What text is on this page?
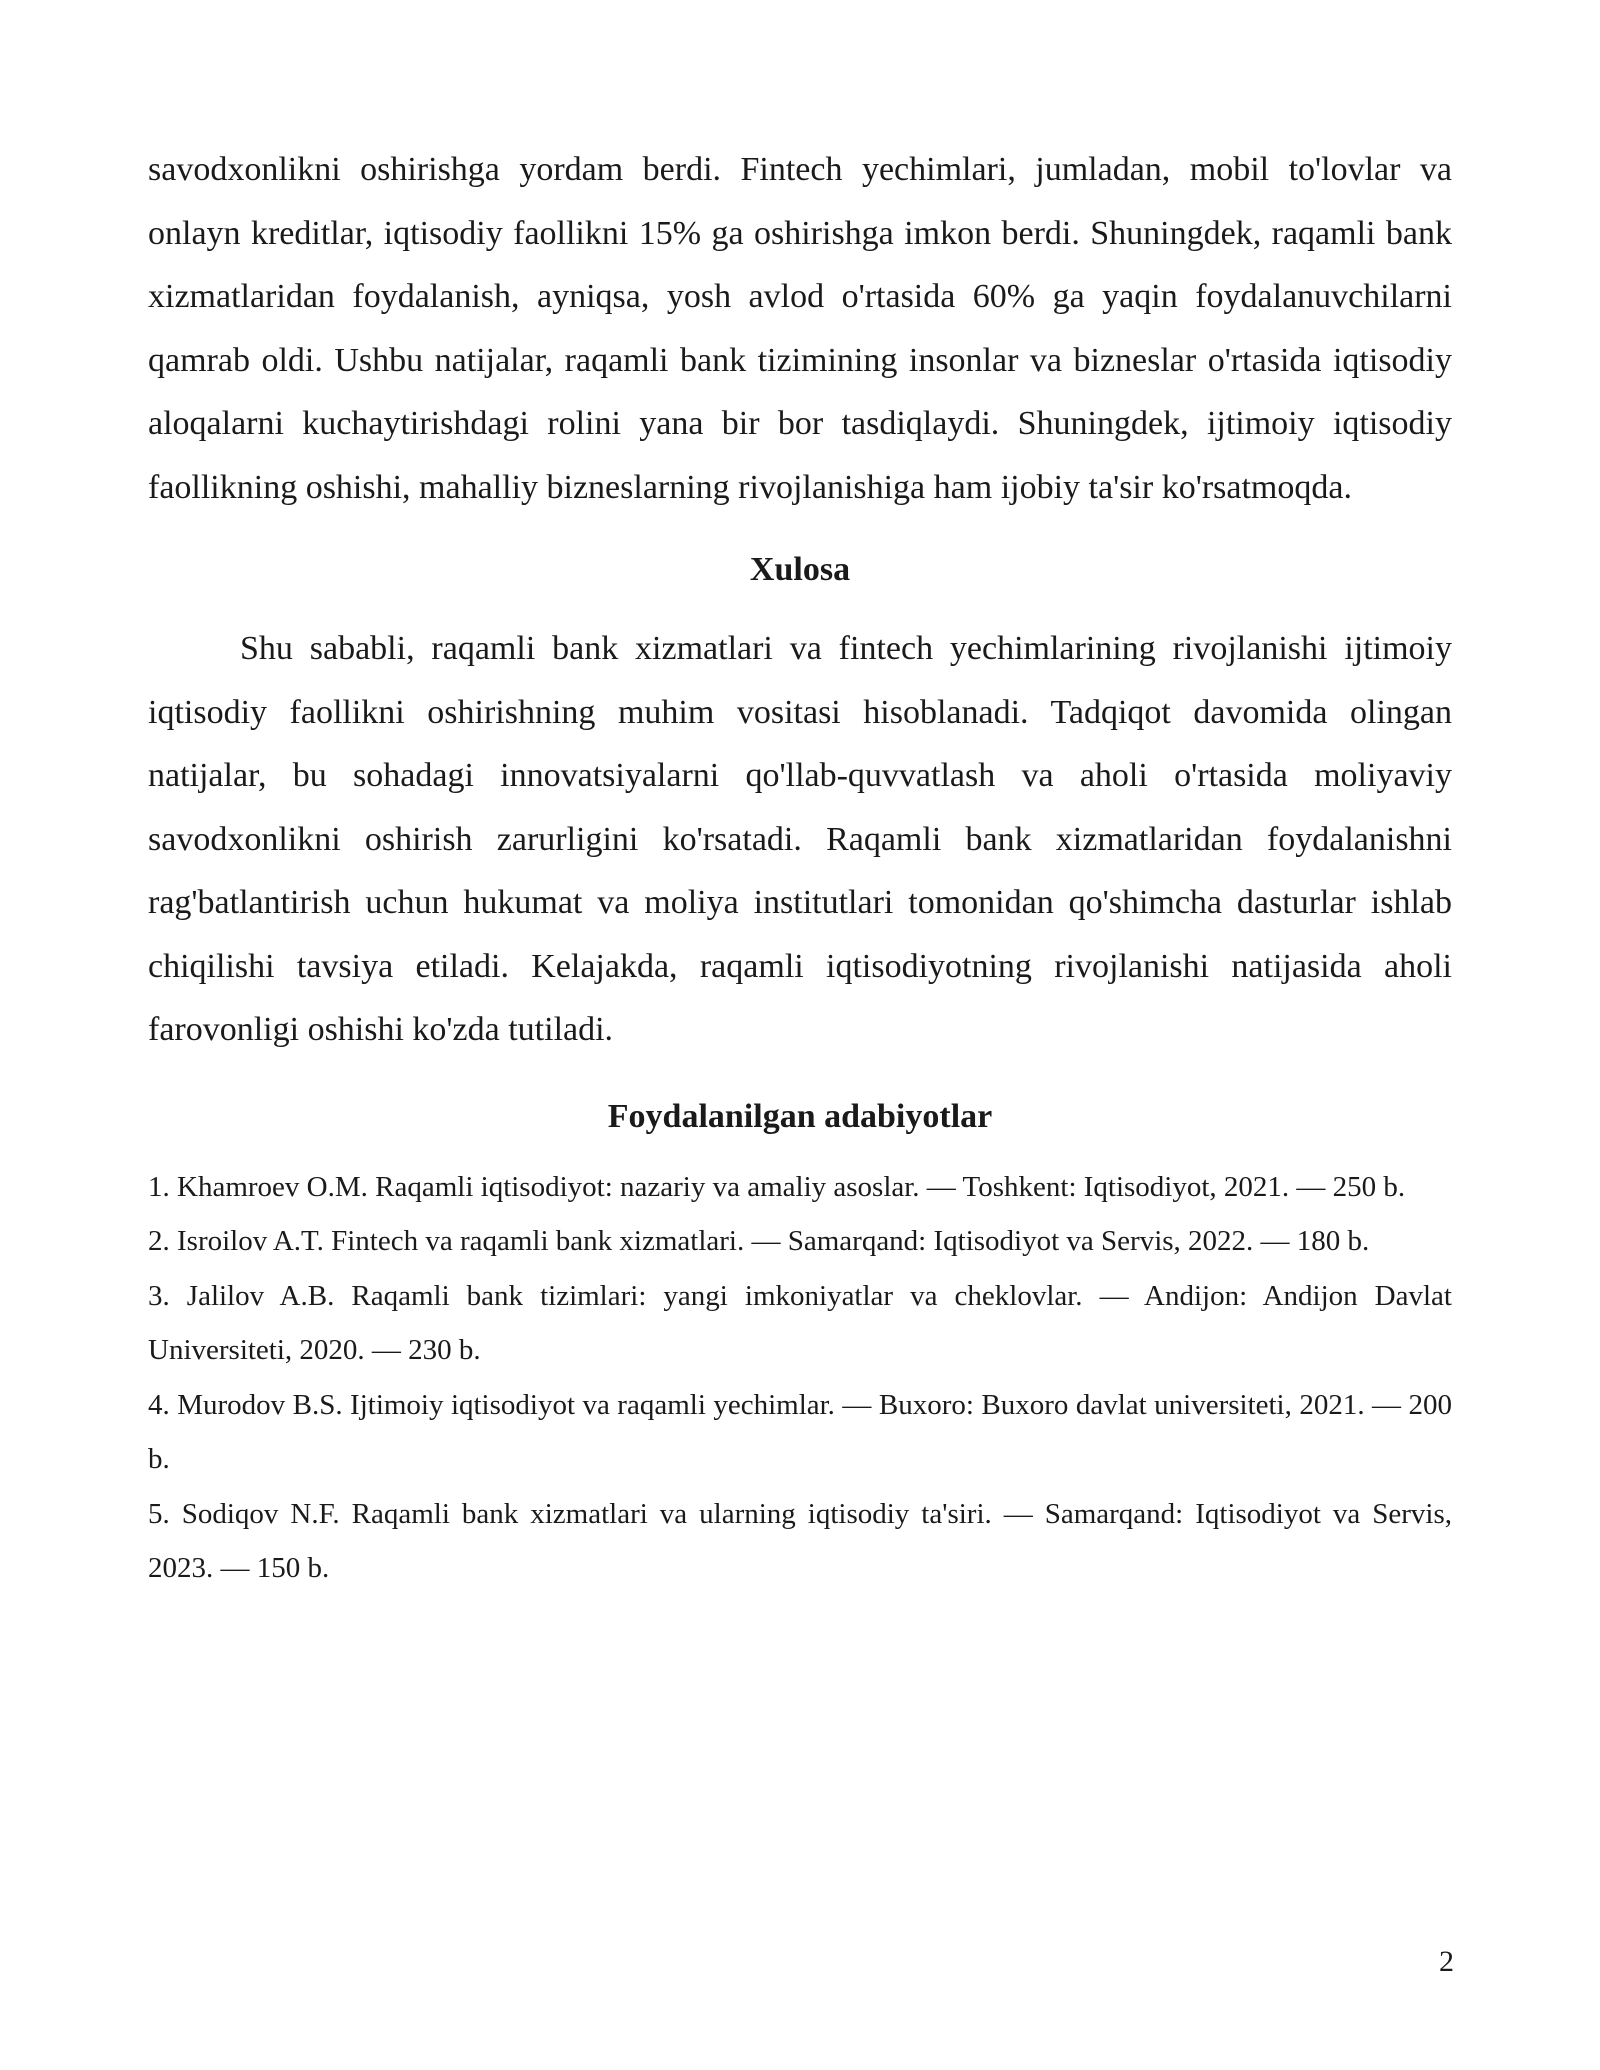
savodxonlikni oshirishga yordam berdi. Fintech yechimlari, jumladan, mobil to'lovlar va onlayn kreditlar, iqtisodiy faollikni 15% ga oshirishga imkon berdi. Shuningdek, raqamli bank xizmatlaridan foydalanish, ayniqsa, yosh avlod o'rtasida 60% ga yaqin foydalanuvchilarni qamrab oldi. Ushbu natijalar, raqamli bank tizimining insonlar va bizneslar o'rtasida iqtisodiy aloqalarni kuchaytirishdagi rolini yana bir bor tasdiqlaydi. Shuningdek, ijtimoiy iqtisodiy faollikning oshishi, mahalliy bizneslarning rivojlanishiga ham ijobiy ta'sir ko'rsatmoqda.

Xulosa

Shu sababli, raqamli bank xizmatlari va fintech yechimlarining rivojlanishi ijtimoiy iqtisodiy faollikni oshirishning muhim vositasi hisoblanadi. Tadqiqot davomida olingan natijalar, bu sohadagi innovatsiyalarni qo'llab-quvvatlash va aholi o'rtasida moliyaviy savodxonlikni oshirish zarurligini ko'rsatadi. Raqamli bank xizmatlaridan foydalanishni rag'batlantirish uchun hukumat va moliya institutlari tomonidan qo'shimcha dasturlar ishlab chiqilishi tavsiya etiladi. Kelajakda, raqamli iqtisodiyotning rivojlanishi natijasida aholi farovonligi oshishi ko'zda tutiladi.

Foydalanilgan adabiyotlar
1. Khamroev O.M. Raqamli iqtisodiyot: nazariy va amaliy asoslar. — Toshkent: Iqtisodiyot, 2021. — 250 b.
2. Isroilov A.T. Fintech va raqamli bank xizmatlari. — Samarqand: Iqtisodiyot va Servis, 2022. — 180 b.
3. Jalilov A.B. Raqamli bank tizimlari: yangi imkoniyatlar va cheklovlar. — Andijon: Andijon Davlat Universiteti, 2020. — 230 b.
4. Murodov B.S. Ijtimoiy iqtisodiyot va raqamli yechimlar. — Buxoro: Buxoro davlat universiteti, 2021. — 200 b.
5. Sodiqov N.F. Raqamli bank xizmatlari va ularning iqtisodiy ta'siri. — Samarqand: Iqtisodiyot va Servis, 2023. — 150 b.
2
